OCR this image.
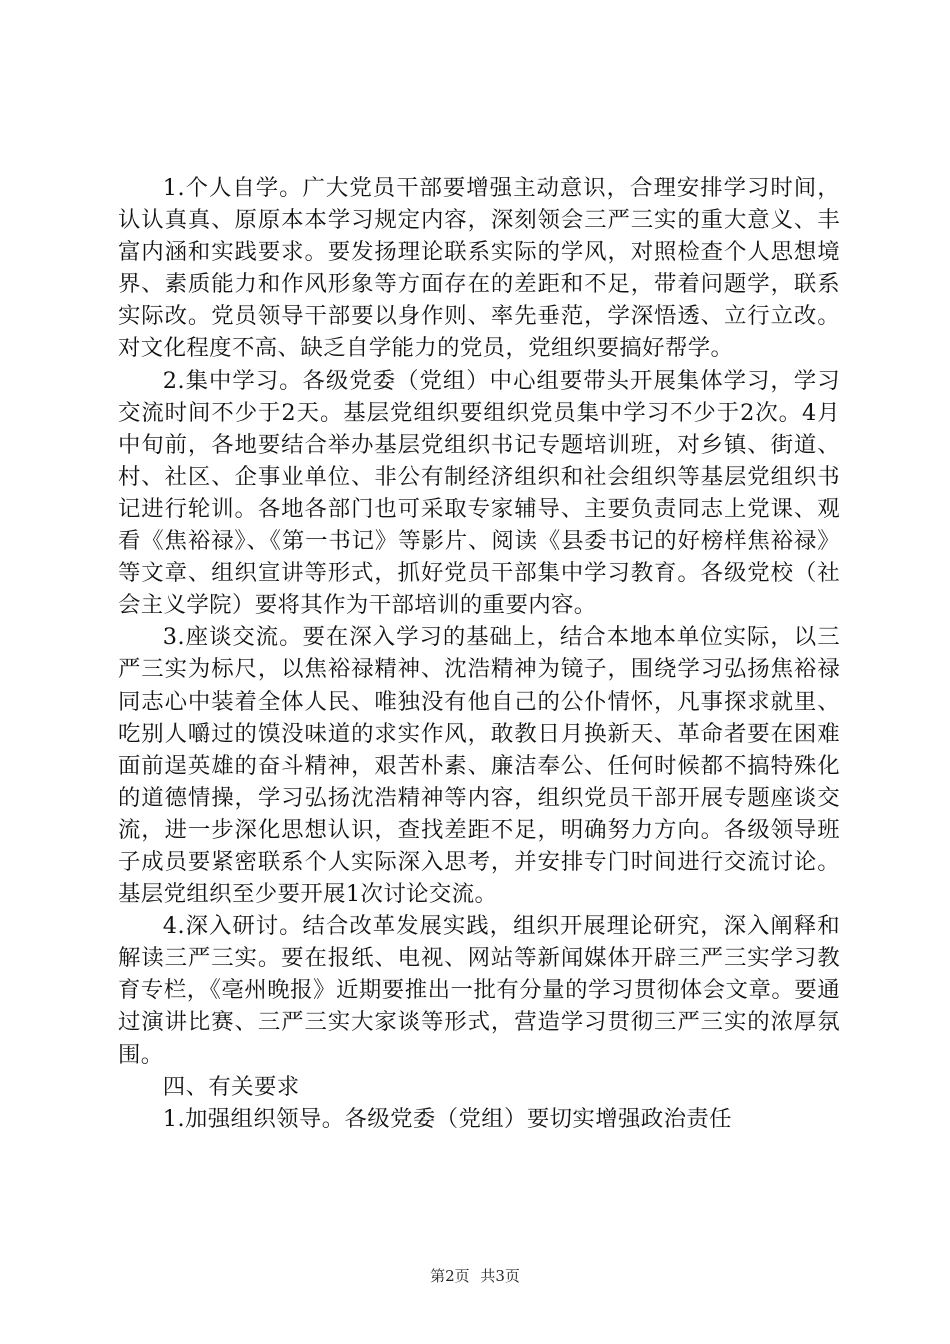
1.个人自学。广大党员干部要增强主动意识，合理安排学习时间，认认真真、原原本本学习规定内容，深刻领会三严三实的重大意义、丰富内涵和实践要求。要发扬理论联系实际的学风，对照检查个人思想境界、素质能力和作风形象等方面存在的差距和不足，带着问题学，联系实际改。党员领导干部要以身作则、率先垂范，学深悟透、立行立改。对文化程度不高、缺乏自学能力的党员，党组织要搞好帮学。

2.集中学习。各级党委（党组）中心组要带头开展集体学习，学习交流时间不少于2天。基层党组织要组织党员集中学习不少于2次。4月中旬前，各地要结合举办基层党组织书记专题培训班，对乡镇、街道、村、社区、企事业单位、非公有制经济组织和社会组织等基层党组织书记进行轮训。各地各部门也可采取专家辅导、主要负责同志上党课、观看《焦裕禄》、《第一书记》等影片、阅读《县委书记的好榜样焦裕禄》等文章、组织宣讲等形式，抓好党员干部集中学习教育。各级党校（社会主义学院）要将其作为干部培训的重要内容。

3.座谈交流。要在深入学习的基础上，结合本地本单位实际，以三严三实为标尺，以焦裕禄精神、沈浩精神为镜子，围绕学习弘扬焦裕禄同志心中装着全体人民、唯独没有他自己的公仆情怀，凡事探求就里、吃别人嚼过的馍没味道的求实作风，敢教日月换新天、革命者要在困难面前逞英雄的奋斗精神，艰苦朴素、廉洁奉公、任何时候都不搞特殊化的道德情操，学习弘扬沈浩精神等内容，组织党员干部开展专题座谈交流，进一步深化思想认识，查找差距不足，明确努力方向。各级领导班子成员要紧密联系个人实际深入思考，并安排专门时间进行交流讨论。基层党组织至少要开展1次讨论交流。

4.深入研讨。结合改革发展实践，组织开展理论研究，深入阐释和解读三严三实。要在报纸、电视、网站等新闻媒体开辟三严三实学习教育专栏，《亳州晚报》近期要推出一批有分量的学习贯彻体会文章。要通过演讲比赛、三严三实大家谈等形式，营造学习贯彻三严三实的浓厚氛围。

四、有关要求

1.加强组织领导。各级党委（党组）要切实增强政治责任

第2页 共3页
